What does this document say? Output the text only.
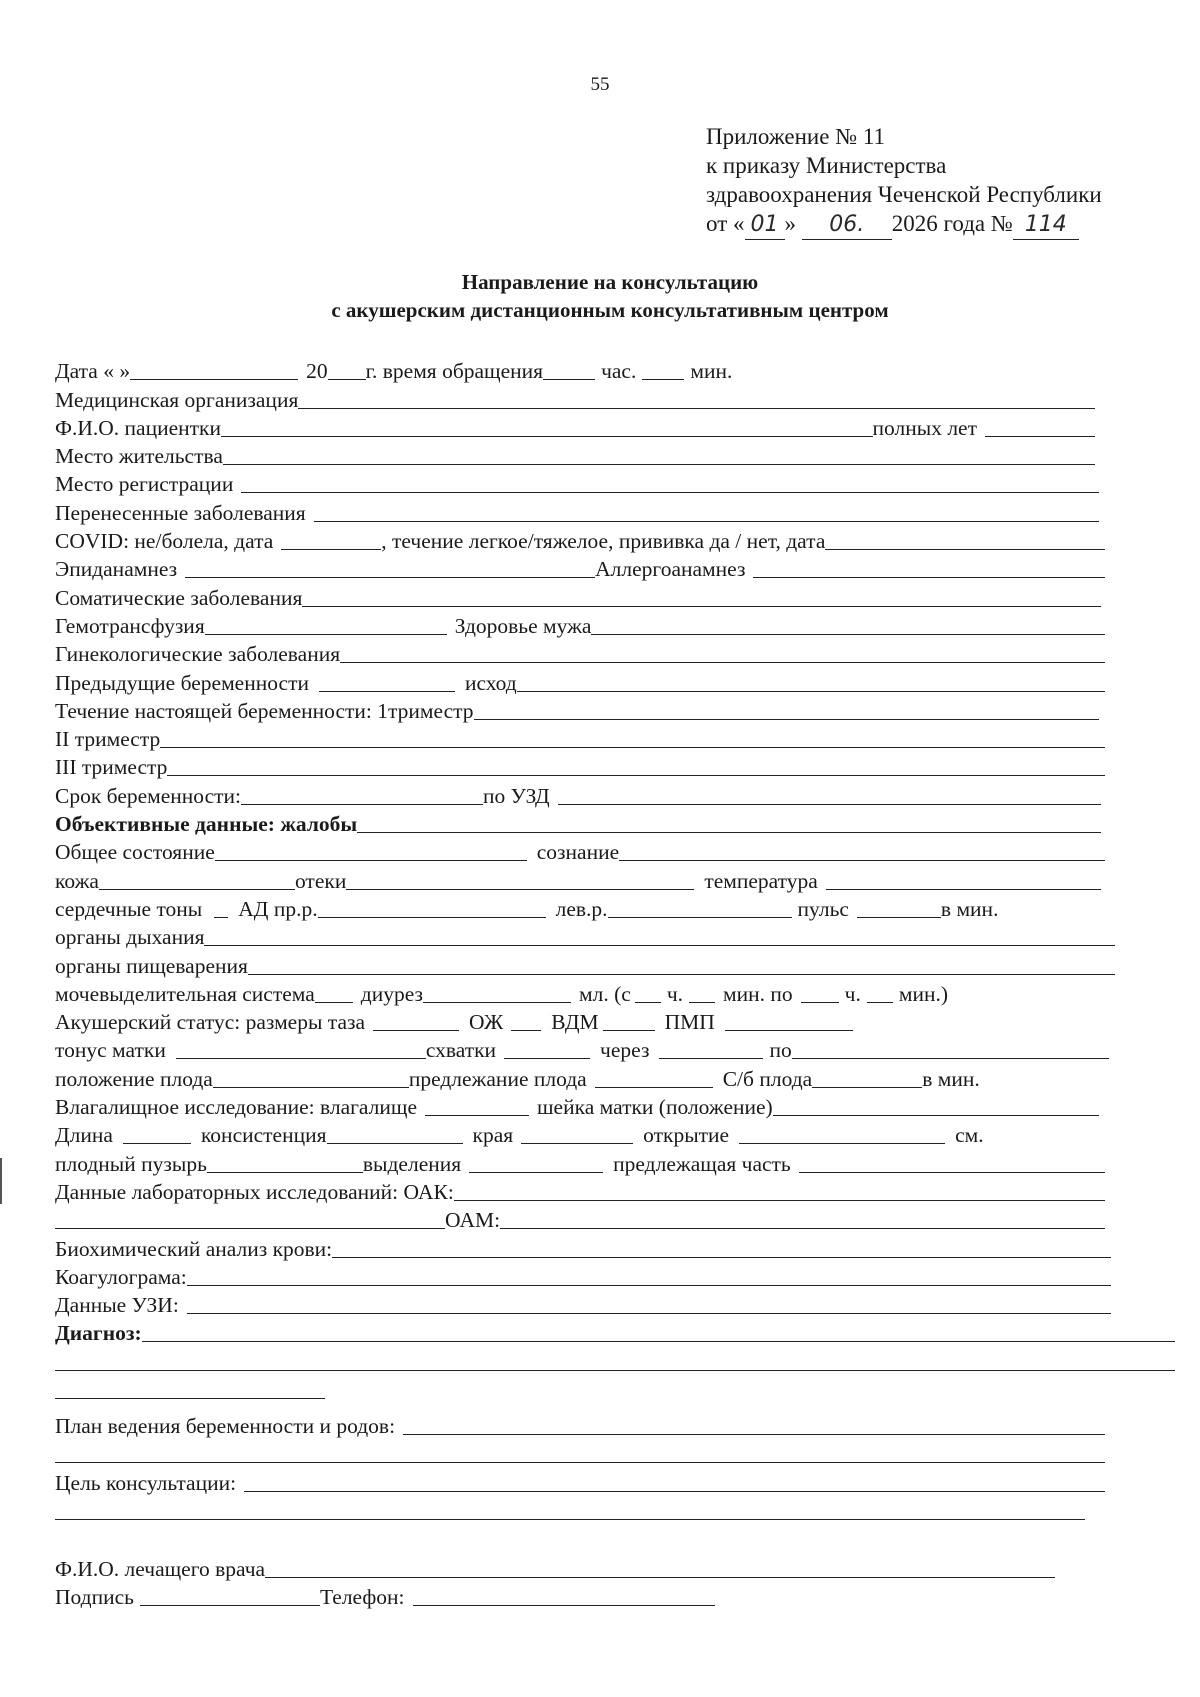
55
Приложение № 11
к приказу Министерства
здравоохранения Чеченской Республики
от « 01 » 06. 2026 года № 114
Направление на консультацию
с акушерским дистанционным консультативным центром
Дата « »	20 г. время обращения	час.	мин.
Медицинская организация
Ф.И.О. пациентки	полных лет
Место жительства
Место регистрации
Перенесенные заболевания
COVID: не/болела, дата	, течение легкое/тяжелое, прививка да / нет, дата
Эпиданамнез	Аллергоанамнез
Соматические заболевания
Гемотрансфузия	Здоровье мужа
Гинекологические заболевания
Предыдущие беременности	исход
Течение настоящей беременности: 1триместр
II триместр
III триместр
Срок беременности:	по УЗД
Объективные данные: жалобы
Общее состояние	сознание
кожа	отеки	температура
сердечные тоны АД пр.р.	лев.р.	пульс	в мин.
органы дыхания
органы пищеварения
мочевыделительная система диурез	мл. (с ч. мин. по ч. мин.)
Акушерский статус: размеры таза	ОЖ ВДМ	ПМП
тонус матки	схватки	через	по
положение плода	предлежание плода	С/б плода	в мин.
Влагалищное исследование: влагалище	шейка матки (положение)
Длина	консистенция	края	открытие	см.
плодный пузырь	выделения	предлежащая часть
Данные лабораторных исследований: ОАК:
ОАМ:
Биохимический анализ крови:
Коагулограма:
Данные УЗИ:
Диагноз:
План ведения беременности и родов:
Цель консультации:
Ф.И.О. лечащего врача
Подпись	Телефон:
